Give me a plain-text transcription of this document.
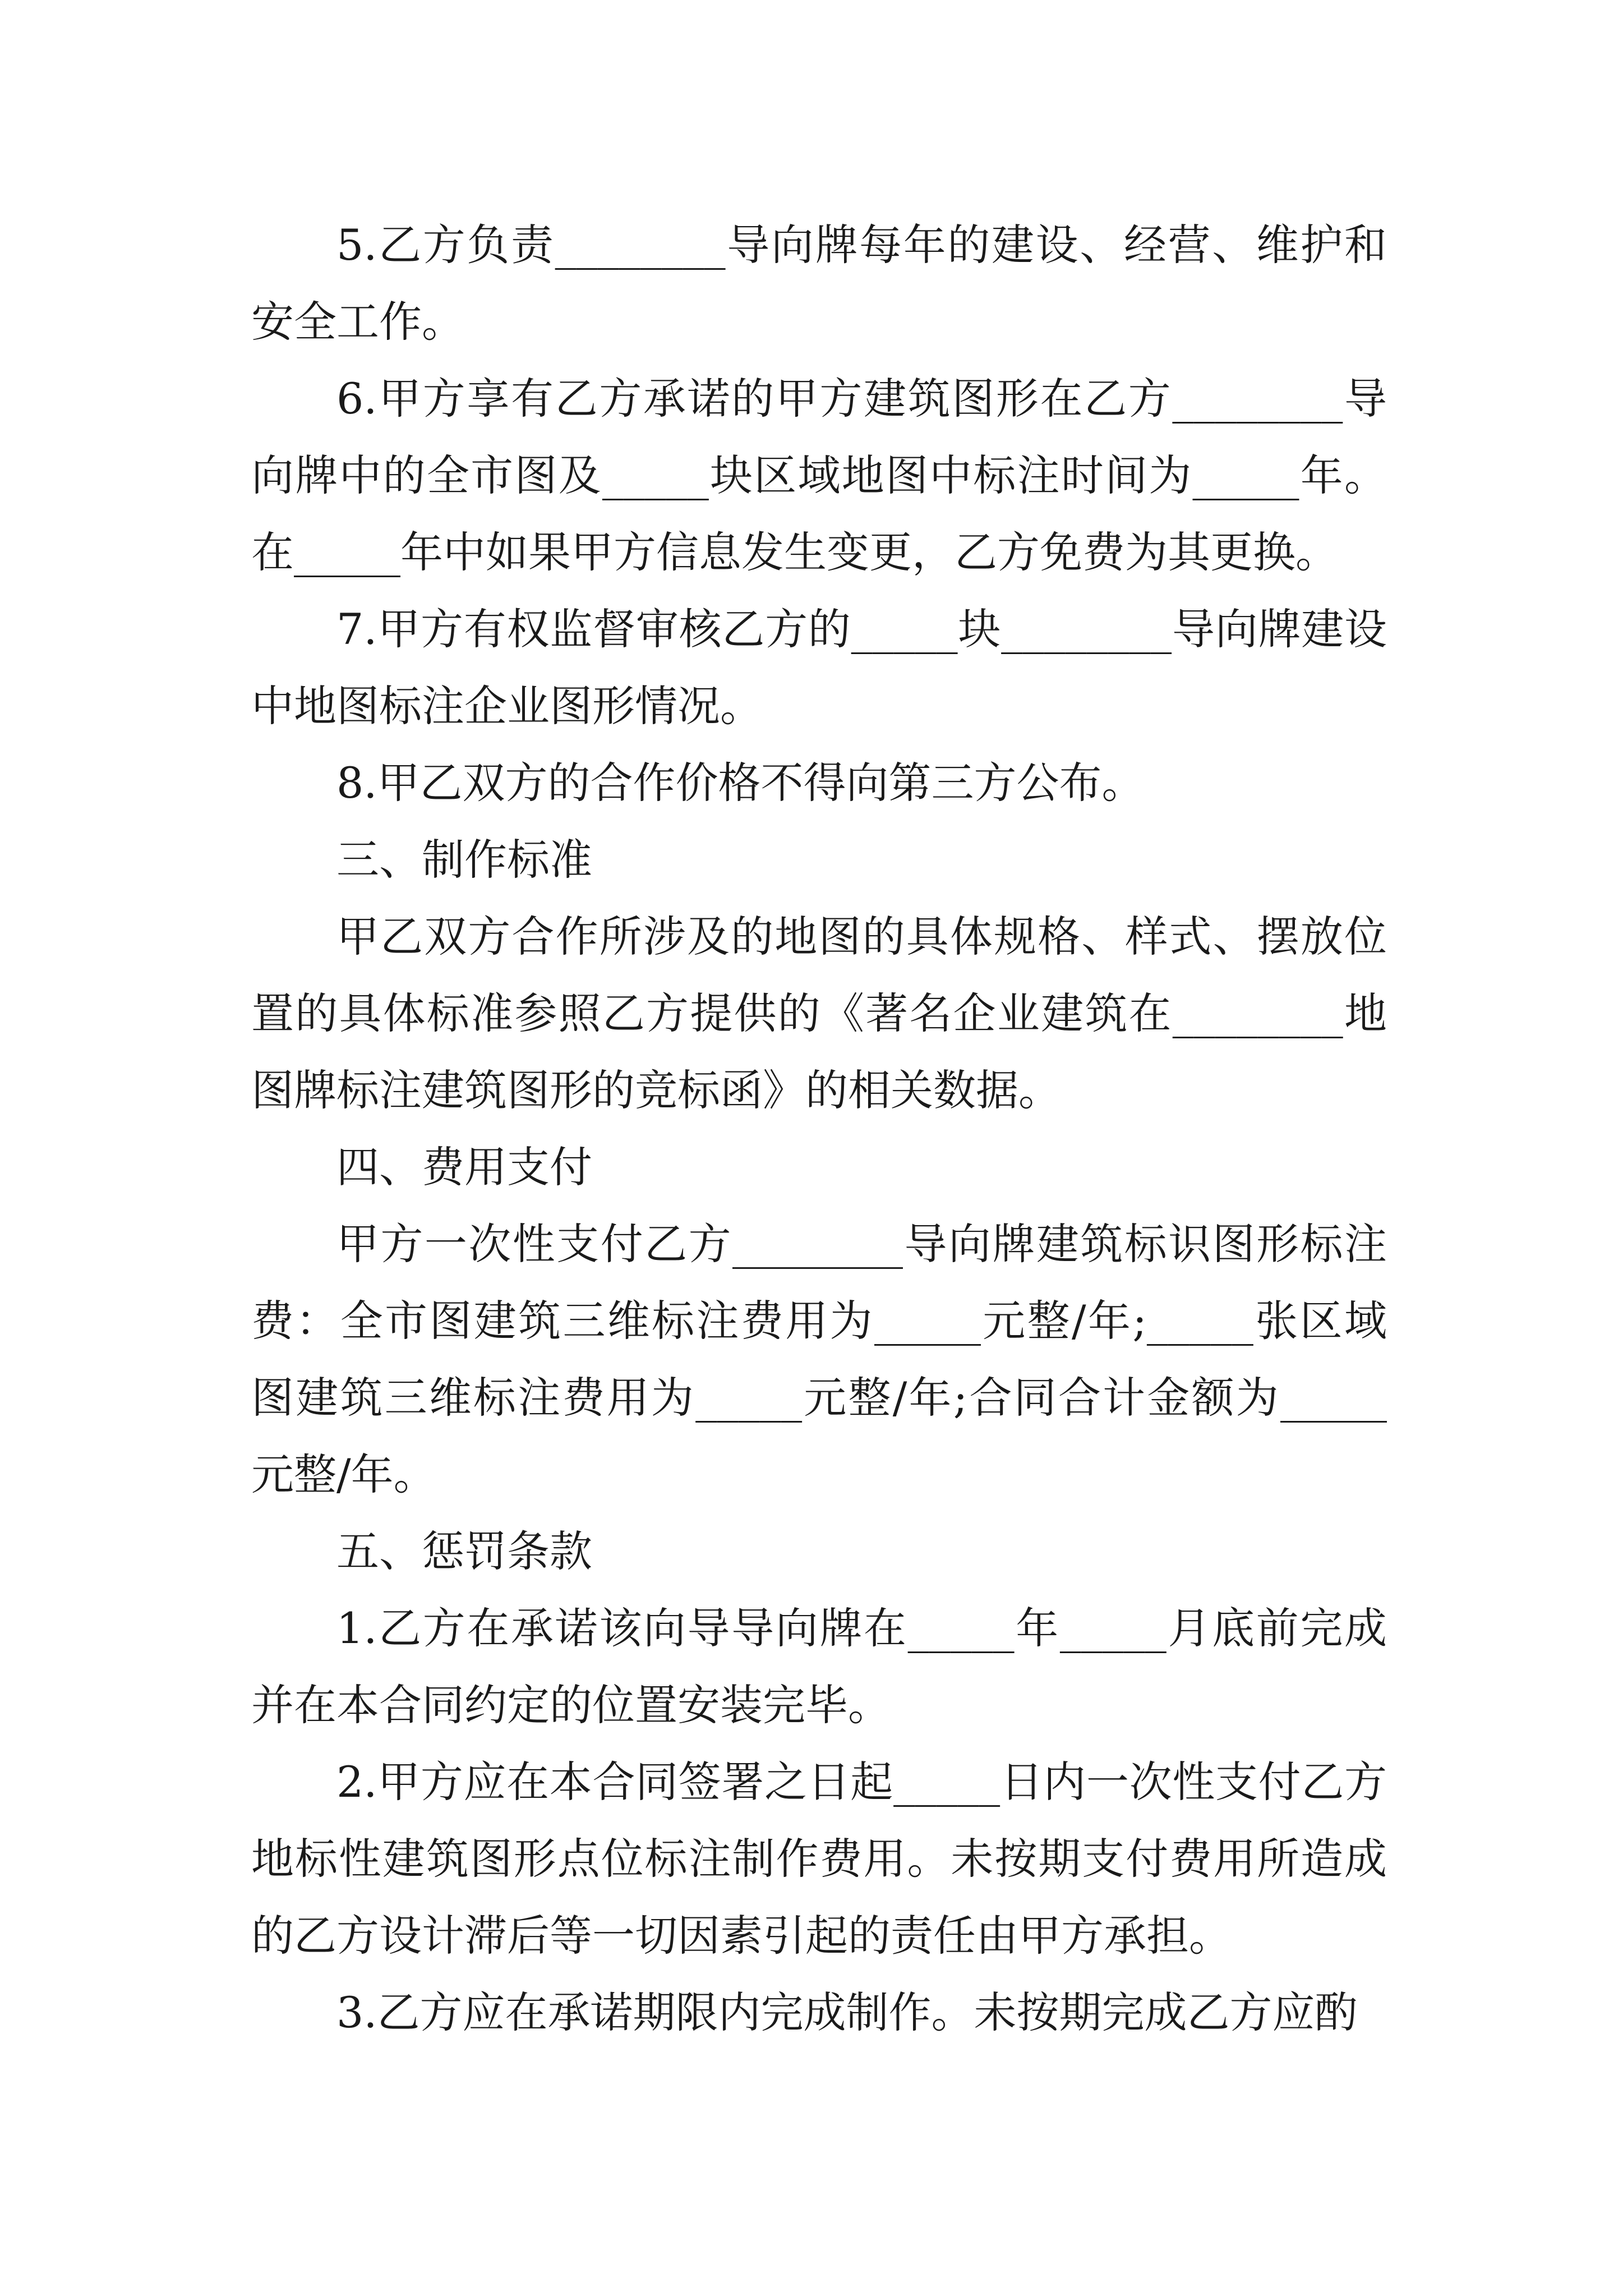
5.乙方负责________导向牌每年的建设、经营、维护和安全工作。

6.甲方享有乙方承诺的甲方建筑图形在乙方________导向牌中的全市图及_____块区域地图中标注时间为_____年。在_____年中如果甲方信息发生变更，乙方免费为其更换。

7.甲方有权监督审核乙方的_____块________导向牌建设中地图标注企业图形情况。

8.甲乙双方的合作价格不得向第三方公布。

三、制作标准

甲乙双方合作所涉及的地图的具体规格、样式、摆放位置的具体标准参照乙方提供的《著名企业建筑在________地图牌标注建筑图形的竞标函》的相关数据。

四、费用支付

甲方一次性支付乙方________导向牌建筑标识图形标注费：全市图建筑三维标注费用为_____元整/年;_____张区域图建筑三维标注费用为_____元整/年;合同合计金额为_____元整/年。

五、惩罚条款

1.乙方在承诺该向导导向牌在_____年_____月底前完成并在本合同约定的位置安装完毕。

2.甲方应在本合同签署之日起_____日内一次性支付乙方地标性建筑图形点位标注制作费用。未按期支付费用所造成的乙方设计滞后等一切因素引起的责任由甲方承担。

3.乙方应在承诺期限内完成制作。未按期完成乙方应酌
